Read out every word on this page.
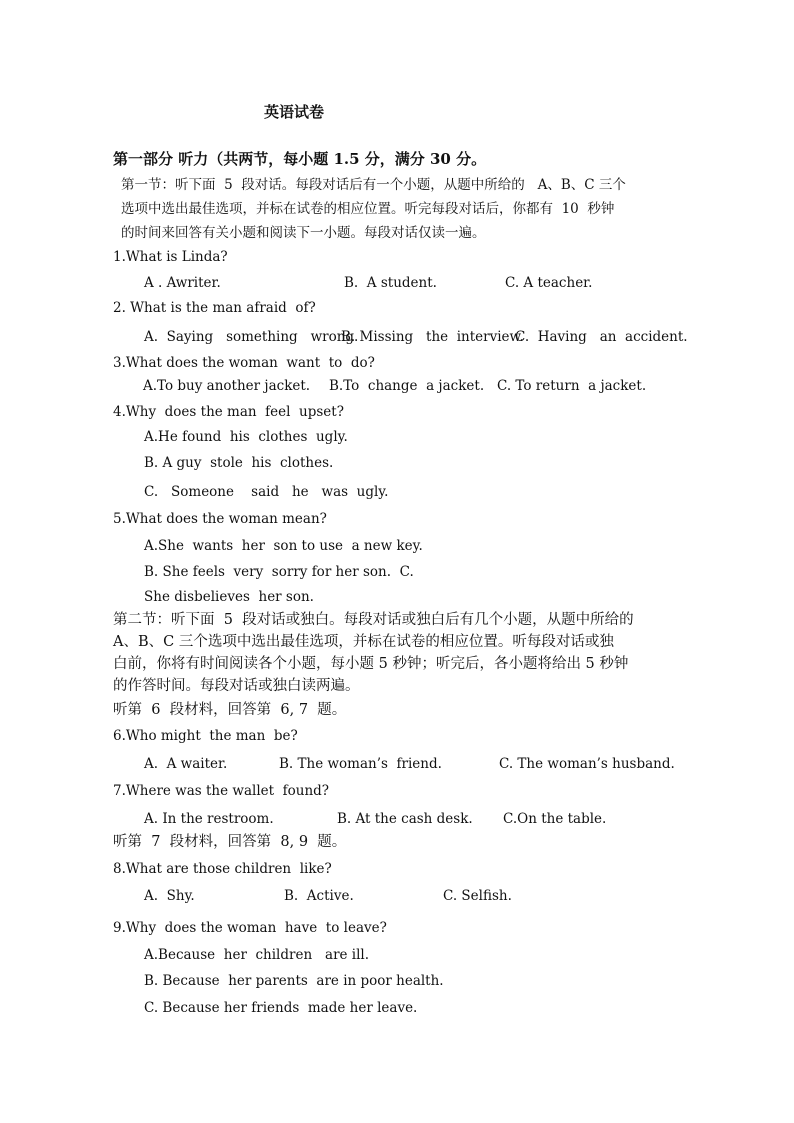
英语试卷
第一部分 听力（共两节，每小题 1.5 分，满分 30 分。
第一节：听下面  5  段对话。每段对话后有一个小题，从题中所给的   A、B、C 三个
选项中选出最佳选项，并标在试卷的相应位置。听完每段对话后，你都有  10  秒钟
的时间来回答有关小题和阅读下一小题。每段对话仅读一遍。
1.What is Linda?
A . Awriter.	B.  A student.	C. A teacher.
2. What is the man afraid  of?
A.  Saying   something   wrong.
B. Missing   the  interview.
C.  Having   an  accident.
3.What does the woman  want  to  do?
A.To buy another jacket. B.To  change  a jacket. C. To return  a jacket.
4.Why  does the man  feel  upset?
A.He found  his  clothes  ugly.
B. A guy  stole  his  clothes.
C.   Someone    said   he   was  ugly.
5.What does the woman mean?
A.She  wants  her  son to use  a new key.
B. She feels  very  sorry for her son.  C.
She disbelieves  her son.
第二节：听下面  5  段对话或独白。每段对话或独白后有几个小题，从题中所给的
A、B、C 三个选项中选出最佳选项，并标在试卷的相应位置。听每段对话或独
白前，你将有时间阅读各个小题，每小题 5 秒钟；听完后，各小题将给出 5 秒钟
的作答时间。每段对话或独白读两遍。
听第  6  段材料，回答第  6, 7  题。
6.Who might  the man  be?
A.  A waiter.	B. The woman’s  friend.	C. The woman’s husband.
7.Where was the wallet  found?
A. In the restroom.	B. At the cash desk. C.On the table.
听第  7  段材料，回答第  8, 9  题。
8.What are those children  like?
A.  Shy.	B.  Active.	C. Selfish.
9.Why  does the woman  have  to leave?
A.Because  her  children   are ill.
B. Because  her parents  are in poor health.
C. Because her friends  made her leave.
